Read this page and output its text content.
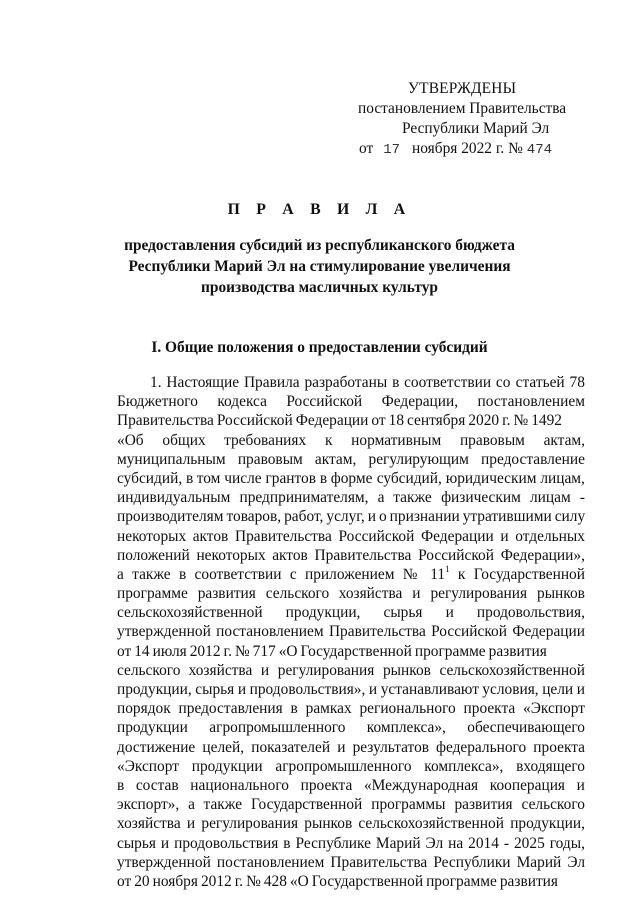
УТВЕРЖДЕНЫ
постановлением Правительства
Республики Марий Эл
от 17 ноября 2022 г. № 474
П Р А В И Л А
предоставления субсидий из республиканского бюджета
Республики Марий Эл на стимулирование увеличения
производства масличных культур
I. Общие положения о предоставлении субсидий
1. Настоящие Правила разработаны в соответствии со статьей 78
Бюджетного кодекса Российской Федерации, постановлением
Правительства Российской Федерации от 18 сентября 2020 г. № 1492
«Об общих требованиях к нормативным правовым актам,
муниципальным правовым актам, регулирующим предоставление
субсидий, в том числе грантов в форме субсидий, юридическим лицам,
индивидуальным предпринимателям, а также физическим лицам -
производителям товаров, работ, услуг, и о признании утратившими силу
некоторых актов Правительства Российской Федерации и отдельных
положений некоторых актов Правительства Российской Федерации»,
а также в соответствии с приложением № 11$^1$ к Государственной
программе развития сельского хозяйства и регулирования рынков
сельскохозяйственной продукции, сырья и продовольствия,
утвержденной постановлением Правительства Российской Федерации
от 14 июля 2012 г. № 717 «О Государственной программе развития
сельского хозяйства и регулирования рынков сельскохозяйственной
продукции, сырья и продовольствия», и устанавливают условия, цели и
порядок предоставления в рамках регионального проекта «Экспорт
продукции агропромышленного комплекса», обеспечивающего
достижение целей, показателей и результатов федерального проекта
«Экспорт продукции агропромышленного комплекса», входящего
в состав национального проекта «Международная кооперация и
экспорт», а также Государственной программы развития сельского
хозяйства и регулирования рынков сельскохозяйственной продукции,
сырья и продовольствия в Республике Марий Эл на 2014 - 2025 годы,
утвержденной постановлением Правительства Республики Марий Эл
от 20 ноября 2012 г. № 428 «О Государственной программе развития
